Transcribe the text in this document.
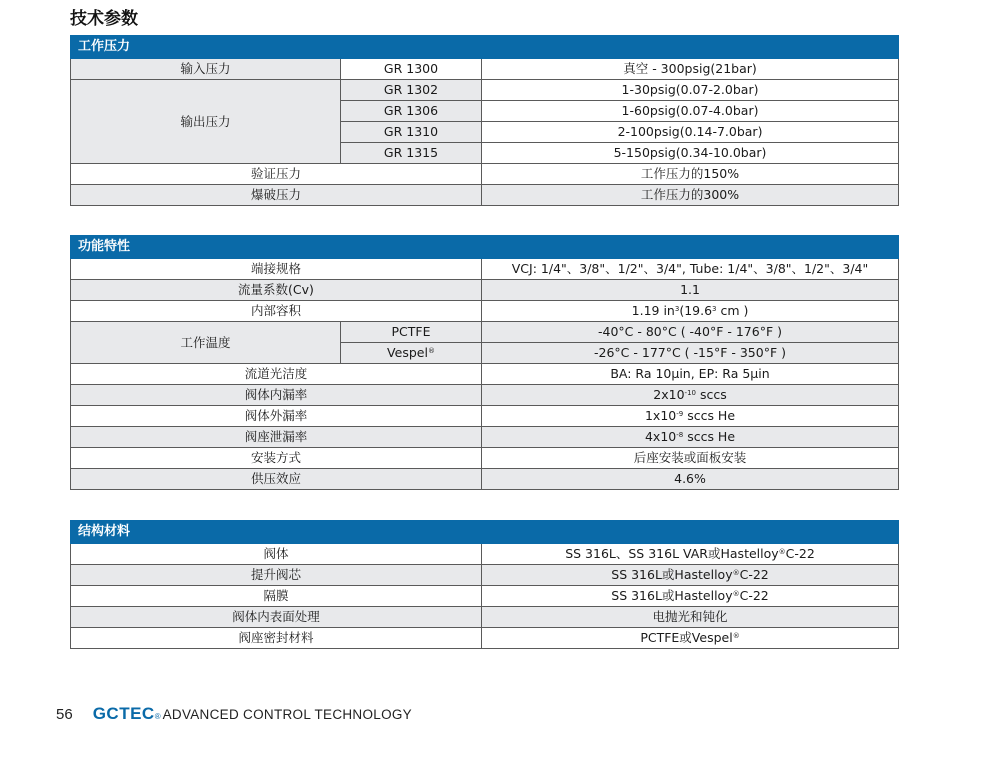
技术参数
工作压力		
输入压力	GR 1300	真空 - 300psig(21bar)
输出压力	GR 1302	1-30psig(0.07-2.0bar)
	GR 1306	1-60psig(0.07-4.0bar)
	GR 1310	2-100psig(0.14-7.0bar)
	GR 1315	5-150psig(0.34-10.0bar)
验证压力		工作压力的150%
爆破压力		工作压力的300%
功能特性		
端接规格		VCJ: 1/4"、3/8"、1/2"、3/4", Tube: 1/4"、3/8"、1/2"、3/4"
流量系数(Cv)		1.1
内部容积		1.19 $in^3(19.6^3$ cm )
工作温度	PCTFE	-40°C - 80°C ( -40°F - 176°F )
	Vespel®	-26°C - 177°C ( -15°F - 350°F )
流道光洁度		BA: Ra 10μin, EP: Ra 5μin
阀体内漏率		$2x10^{-10}$ sccs
阀体外漏率		$1x10^{-9}$ sccs He
阀座泄漏率		$4x10^{-8}$ sccs He
安装方式		后座安装或面板安装
供压效应		4.6%
结构材料	
阀体	SS 316L、SS 316L VAR或Hastelloy®C-22
提升阀芯	SS 316L或Hastelloy®C-22
隔膜	SS 316L或Hastelloy®C-22
阀体内表面处理	电抛光和钝化
阀座密封材料	PCTFE或Vespel®
56 GCTEC ® ADVANCED CONTROL TECHNOLOGY
